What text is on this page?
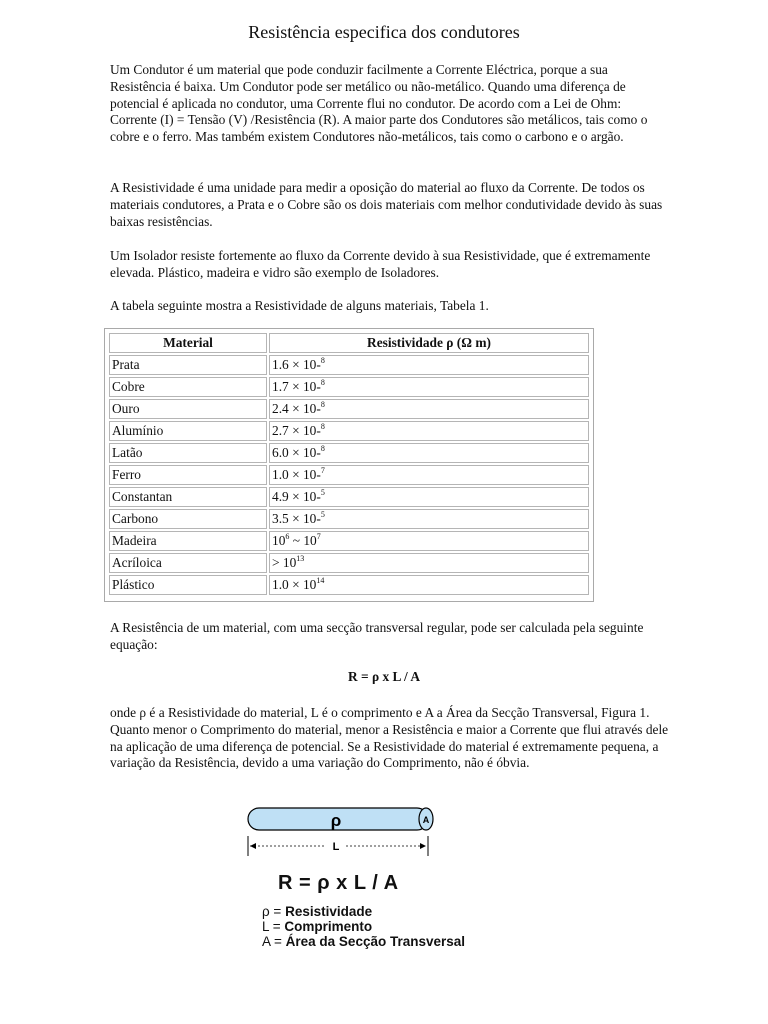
Resistência especifica dos condutores

Um Condutor é um material que pode conduzir facilmente a Corrente Eléctrica, porque a sua Resistência é baixa. Um Condutor pode ser metálico ou não-metálico. Quando uma diferença de potencial é aplicada no condutor, uma Corrente flui no condutor. De acordo com a Lei de Ohm: Corrente (I) = Tensão (V) /Resistência (R). A maior parte dos Condutores são metálicos, tais como o cobre e o ferro. Mas também existem Condutores não-metálicos, tais como o carbono e o argão.

A Resistividade é uma unidade para medir a oposição do material ao fluxo da Corrente. De todos os materiais condutores, a Prata e o Cobre são os dois materiais com melhor condutividade devido às suas baixas resistências.

Um Isolador resiste fortemente ao fluxo da Corrente devido à sua Resistividade, que é extremamente elevada. Plástico, madeira e vidro são exemplo de Isoladores.

A tabela seguinte mostra a Resistividade de alguns materiais, Tabela 1.

Material	Resistividade ρ (Ω m)
Prata	1.6 × 10-$^8$
Cobre	1.7 × 10-$^8$
Ouro	2.4 × 10-$^8$
Alumínio	2.7 × 10-$^8$
Latão	6.0 × 10-$^8$
Ferro	1.0 × 10-$^7$
Constantan	4.9 × 10-$^5$
Carbono	3.5 × 10-$^5$
Madeira	$10^6$ ~ $10^7$
Acríloica	> $10^{13}$
Plástico	$1.0 \times 10^{14}$

A Resistência de um material, com uma secção transversal regular, pode ser calculada pela seguinte equação:

R = ρ x L / A

onde ρ é a Resistividade do material, L é o comprimento e A a Área da Secção Transversal, Figura 1. Quanto menor o Comprimento do material, menor a Resistência e maior a Corrente que flui através dele na aplicação de uma diferença de potencial. Se a Resistividade do material é extremamente pequena, a variação da Resistência, devido a uma variação do Comprimento, não é óbvia.

ρ	A
L
R = ρ x L / A
ρ = Resistividade
L = Comprimento
A = Área da Secção Transversal
